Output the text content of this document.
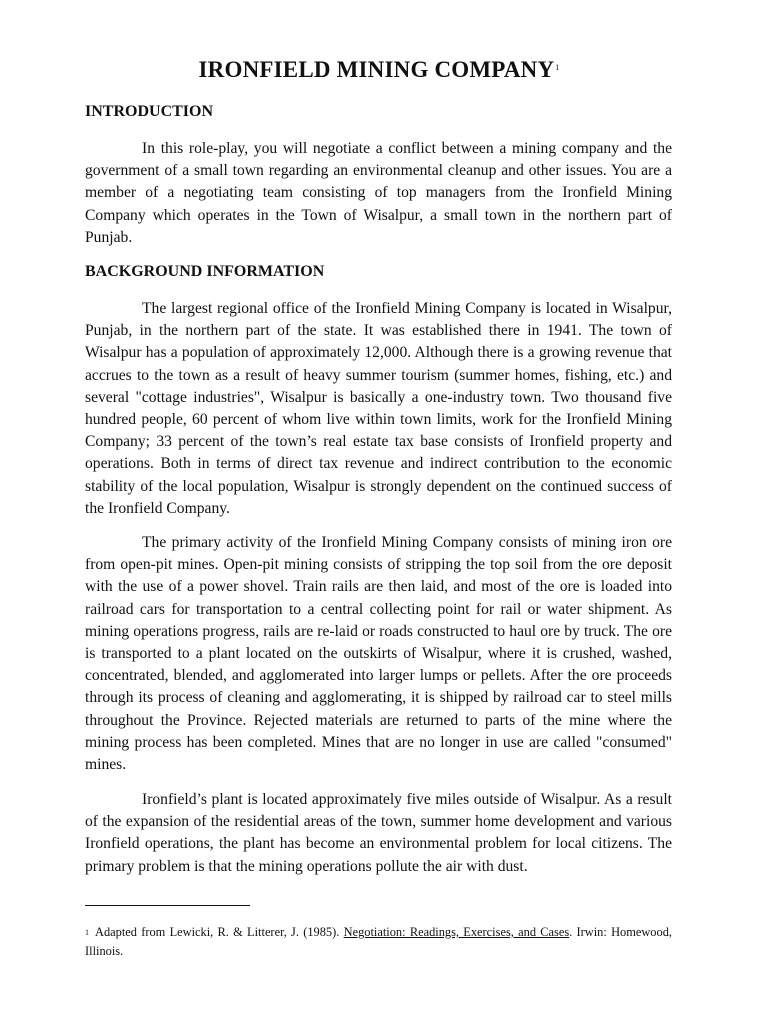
IRONFIELD MINING COMPANY$^1$
INTRODUCTION
In this role-play, you will negotiate a conflict between a mining company and the government of a small town regarding an environmental cleanup and other issues. You are a member of a negotiating team consisting of top managers from the Ironfield Mining Company which operates in the Town of Wisalpur, a small town in the northern part of Punjab.
BACKGROUND INFORMATION
The largest regional office of the Ironfield Mining Company is located in Wisalpur, Punjab, in the northern part of the state. It was established there in 1941. The town of Wisalpur has a population of approximately 12,000. Although there is a growing revenue that accrues to the town as a result of heavy summer tourism (summer homes, fishing, etc.) and several "cottage industries", Wisalpur is basically a one-industry town. Two thousand five hundred people, 60 percent of whom live within town limits, work for the Ironfield Mining Company; 33 percent of the town’s real estate tax base consists of Ironfield property and operations. Both in terms of direct tax revenue and indirect contribution to the economic stability of the local population, Wisalpur is strongly dependent on the continued success of the Ironfield Company.
The primary activity of the Ironfield Mining Company consists of mining iron ore from open-pit mines. Open-pit mining consists of stripping the top soil from the ore deposit with the use of a power shovel. Train rails are then laid, and most of the ore is loaded into railroad cars for transportation to a central collecting point for rail or water shipment. As mining operations progress, rails are re-laid or roads constructed to haul ore by truck. The ore is transported to a plant located on the outskirts of Wisalpur, where it is crushed, washed, concentrated, blended, and agglomerated into larger lumps or pellets. After the ore proceeds through its process of cleaning and agglomerating, it is shipped by railroad car to steel mills throughout the Province. Rejected materials are returned to parts of the mine where the mining process has been completed. Mines that are no longer in use are called "consumed" mines.
Ironfield’s plant is located approximately five miles outside of Wisalpur. As a result of the expansion of the residential areas of the town, summer home development and various Ironfield operations, the plant has become an environmental problem for local citizens. The primary problem is that the mining operations pollute the air with dust.
$^1$ Adapted from Lewicki, R. & Litterer, J. (1985). Negotiation: Readings, Exercises, and Cases. Irwin: Homewood, Illinois.
